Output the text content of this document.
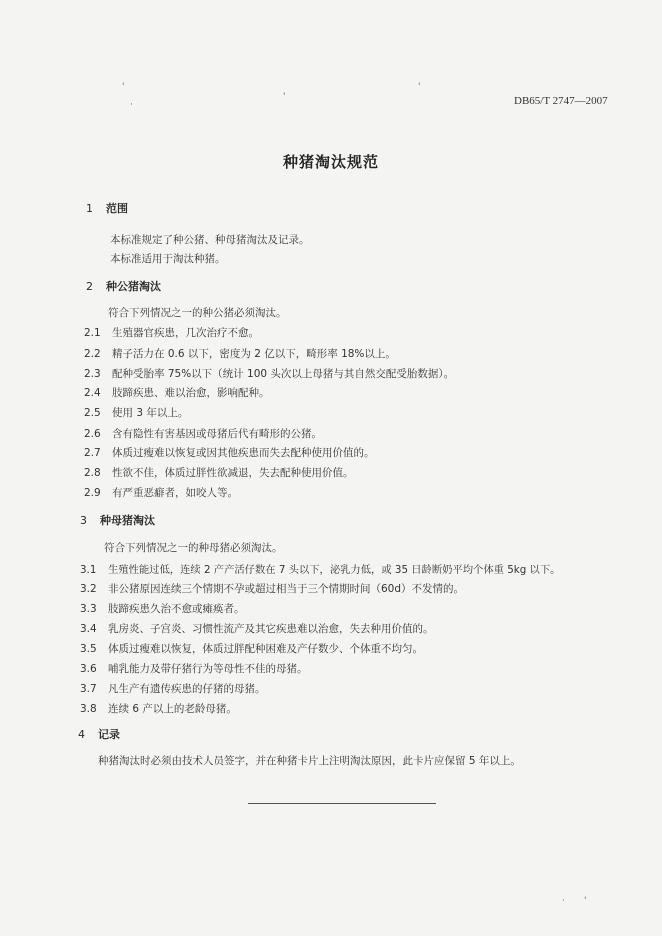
'
'
'
·	DB65/T 2747—2007
种猪淘汰规范
1 范围
本标准规定了种公猪、种母猪淘汰及记录。
本标准适用于淘汰种猪。
2 种公猪淘汰
符合下列情况之一的种公猪必须淘汰。
2.1 生殖器官疾患，几次治疗不愈。
2.2 精子活力在 0.6 以下，密度为 2 亿以下，畸形率 18%以上。
2.3 配种受胎率 75%以下（统计 100 头次以上母猪与其自然交配受胎数据）。
2.4 肢蹄疾患、难以治愈，影响配种。
2.5 使用 3 年以上。
2.6 含有隐性有害基因或母猪后代有畸形的公猪。
2.7 体质过瘦难以恢复或因其他疾患而失去配种使用价值的。
2.8 性欲不佳，体质过胖性欲减退，失去配种使用价值。
2.9 有严重恶癖者，如咬人等。
3 种母猪淘汰
符合下列情况之一的种母猪必须淘汰。
3.1 生殖性能过低，连续 2 产产活仔数在 7 头以下，泌乳力低，或 35 日龄断奶平均个体重 5kg 以下。
3.2 非公猪原因连续三个情期不孕或超过相当于三个情期时间（60d）不发情的。
3.3 肢蹄疾患久治不愈或瘫痪者。
3.4 乳房炎、子宫炎、习惯性流产及其它疾患难以治愈，失去种用价值的。
3.5 体质过瘦难以恢复，体质过胖配种困难及产仔数少、个体重不均匀。
3.6 哺乳能力及带仔猪行为等母性不佳的母猪。
3.7 凡生产有遗传疾患的仔猪的母猪。
3.8 连续 6 产以上的老龄母猪。
4 记录
种猪淘汰时必须由技术人员签字，并在种猪卡片上注明淘汰原因，此卡片应保留 5 年以上。
· '
